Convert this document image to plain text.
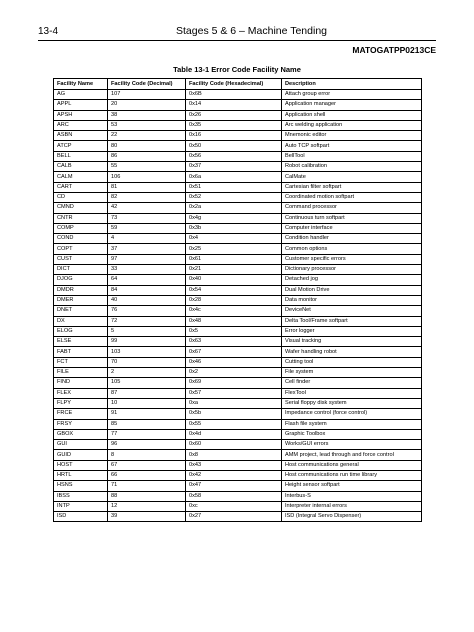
13-4	Stages 5 & 6 – Machine Tending
MATOGATPP0213CE
Table 13-1 Error Code Facility Name
Facility Name	Facility Code (Decimal)	Facility Code (Hexadecimal)	Description
AG	107	0x6B	Attach group error
APPL	20	0x14	Application manager
APSH	38	0x26	Application shell
ARC	53	0x35	Arc welding application
ASBN	22	0x16	Mnemonic editor
ATCP	80	0x50	Auto TCP softpart
BELL	86	0x56	BellTool
CALB	55	0x37	Robot calibration
CALM	106	0x6a	CalMate
CART	81	0x51	Cartesian filter softpart
CD	82	0x52	Coordinated motion softpart
CMND	42	0x2a	Command processor
CNTR	73	0x4g	Continuous turn softpart
COMP	59	0x3b	Computer interface
COND	4	0x4	Condition handler
COPT	37	0x25	Common options
CUST	97	0x61	Customer specific errors
DICT	33	0x21	Dictionary processor
DJOG	64	0x40	Detached jog
DMDR	84	0x54	Dual Motion Drive
DMER	40	0x28	Data monitor
DNET	76	0x4c	DeviceNet
DX	72	0x48	Delta Tool/Frame softpart
ELOG	5	0x5	Error logger
ELSE	99	0x63	Visual tracking
FABT	103	0x67	Wafer handling robot
FCT	70	0x46	Cutting tool
FILE	2	0x2	File system
FIND	105	0x69	Cell finder
FLEX	87	0x57	FlexTool
FLPY	10	0xa	Serial floppy disk system
FRCE	91	0x5b	Impedance control (force control)
FRSY	85	0x55	Flash file system
GBOX	77	0x4d	Graphic Toolbox
GUI	96	0x60	Works/GUI errors
GUID	8	0x8	AMM project, lead through and force control
HOST	67	0x43	Host communications general
HRTL	66	0x42	Host communications run time library
HSNS	71	0x47	Height sensor softpart
IBSS	88	0x58	Interbus-S
INTP	12	0xc	Interpreter internal errors
ISD	39	0x27	ISD (Integral Servo Dispenser)
